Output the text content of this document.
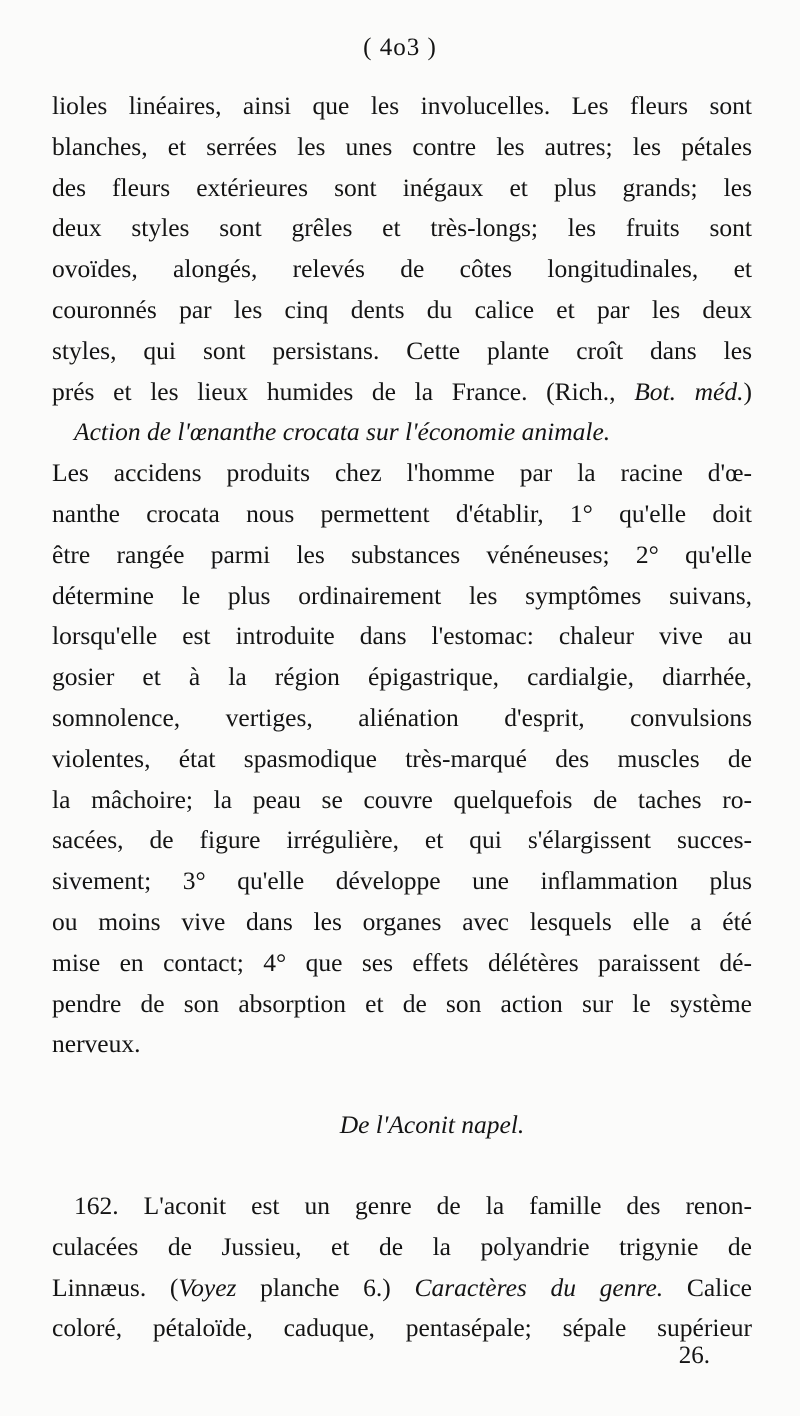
( 4o3 )
lioles linéaires, ainsi que les involucelles. Les fleurs sont
blanches, et serrées les unes contre les autres; les pétales
des fleurs extérieures sont inégaux et plus grands; les
deux styles sont grêles et très-longs; les fruits sont
ovoïdes, alongés, relevés de côtes longitudinales, et
couronnés par les cinq dents du calice et par les deux
styles, qui sont persistans. Cette plante croît dans les
prés et les lieux humides de la France. (Rich., Bot. méd.)
Action de l'œnanthe crocata sur l'économie animale.
Les accidens produits chez l'homme par la racine d'œ-
nanthe crocata nous permettent d'établir, 1° qu'elle doit
être rangée parmi les substances vénéneuses; 2° qu'elle
détermine le plus ordinairement les symptômes suivans,
lorsqu'elle est introduite dans l'estomac: chaleur vive au
gosier et à la région épigastrique, cardialgie, diarrhée,
somnolence, vertiges, aliénation d'esprit, convulsions
violentes, état spasmodique très-marqué des muscles de
la mâchoire; la peau se couvre quelquefois de taches ro-
sacées, de figure irrégulière, et qui s'élargissent succes-
sivement; 3° qu'elle développe une inflammation plus
ou moins vive dans les organes avec lesquels elle a été
mise en contact; 4° que ses effets délétères paraissent dé-
pendre de son absorption et de son action sur le système
nerveux.
De l'Aconit napel.
162. L'aconit est un genre de la famille des renon-
culacées de Jussieu, et de la polyandrie trigynie de
Linnæus. (Voyez planche 6.) Caractères du genre. Calice
coloré, pétaloïde, caduque, pentasépale; sépale supérieur
26.
